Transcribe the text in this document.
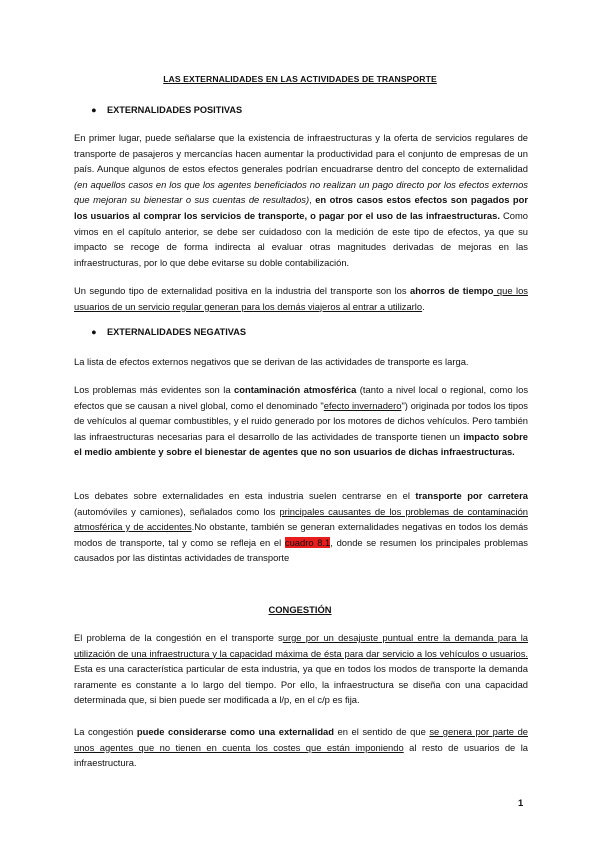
LAS EXTERNALIDADES EN LAS ACTIVIDADES DE TRANSPORTE
● EXTERNALIDADES POSITIVAS
En primer lugar, puede señalarse que la existencia de infraestructuras y la oferta de servicios regulares de transporte de pasajeros y mercancías hacen aumentar la productividad para el conjunto de empresas de un país. Aunque algunos de estos efectos generales podrían encuadrarse dentro del concepto de externalidad (en aquellos casos en los que los agentes beneficiados no realizan un pago directo por los efectos externos que mejoran su bienestar o sus cuentas de resultados), en otros casos estos efectos son pagados por los usuarios al comprar los servicios de transporte, o pagar por el uso de las infraestructuras. Como vimos en el capítulo anterior, se debe ser cuidadoso con la medición de este tipo de efectos, ya que su impacto se recoge de forma indirecta al evaluar otras magnitudes derivadas de mejoras en las infraestructuras, por lo que debe evitarse su doble contabilización.
Un segundo tipo de externalidad positiva en la industria del transporte son los ahorros de tiempo que los usuarios de un servicio regular generan para los demás viajeros al entrar a utilizarlo.
● EXTERNALIDADES NEGATIVAS
La lista de efectos externos negativos que se derivan de las actividades de transporte es larga.
Los problemas más evidentes son la contaminación atmosférica (tanto a nivel local o regional, como los efectos que se causan a nivel global, como el denominado "efecto invernadero") originada por todos los tipos de vehículos al quemar combustibles, y el ruido generado por los motores de dichos vehículos. Pero también las infraestructuras necesarias para el desarrollo de las actividades de transporte tienen un impacto sobre el medio ambiente y sobre el bienestar de agentes que no son usuarios de dichas infraestructuras.
Los debates sobre externalidades en esta industria suelen centrarse en el transporte por carretera (automóviles y camiones), señalados como los principales causantes de los problemas de contaminación atmosférica y de accidentes.No obstante, también se generan externalidades negativas en todos los demás modos de transporte, tal y como se refleja en el cuadro 8.1, donde se resumen los principales problemas causados por las distintas actividades de transporte
CONGESTIÓN
El problema de la congestión en el transporte surge por un desajuste puntual entre la demanda para la utilización de una infraestructura y la capacidad máxima de ésta para dar servicio a los vehículos o usuarios. Esta es una característica particular de esta industria, ya que en todos los modos de transporte la demanda raramente es constante a lo largo del tiempo. Por ello, la infraestructura se diseña con una capacidad determinada que, si bien puede ser modificada a l/p, en el c/p es fija.
La congestión puede considerarse como una externalidad en el sentido de que se genera por parte de unos agentes que no tienen en cuenta los costes que están imponiendo al resto de usuarios de la infraestructura.
1
